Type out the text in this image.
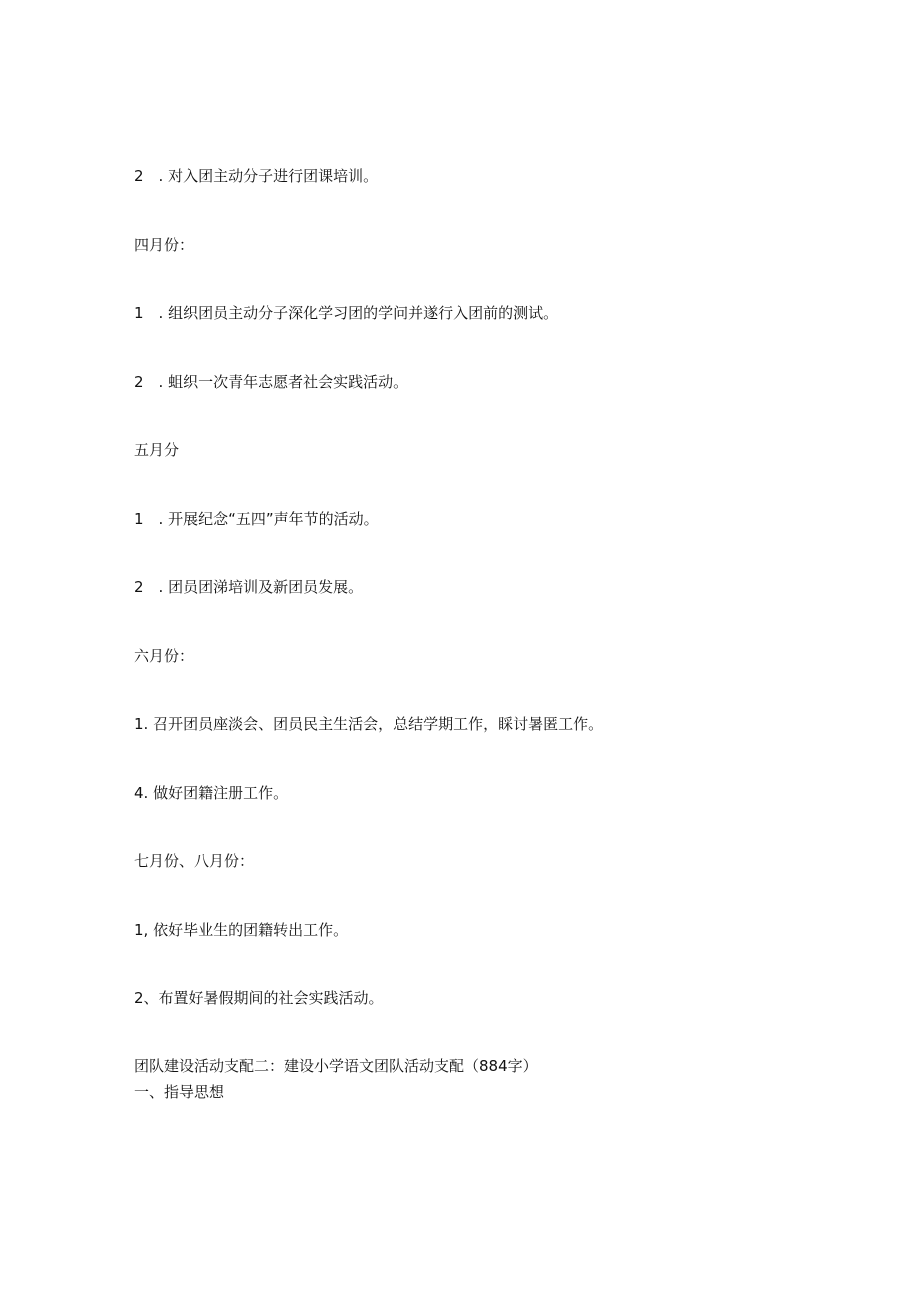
2　. 对入团主动分子进行团课培训。
四月份：
1　. 组织团员主动分子深化学习团的学问并遂行入团前的测试。
2　. 蛆织一次青年志愿者社会实践活动。
五月分
1　. 开展纪念“五四”声年节的活动。
2　. 团员团涕培训及新团员发展。
六月份：
1. 召开团员座淡会、团员民主生活会，总结学期工作，睬讨暑匿工作。
4. 做好团籍注册工作。
七月份、八月份：
1, 依好毕业生的团籍转出工作。
2、布置好暑假期间的社会实践活动。
团队建设活动支配二：建设小学语文团队活动支配（884字）
一、指导思想
